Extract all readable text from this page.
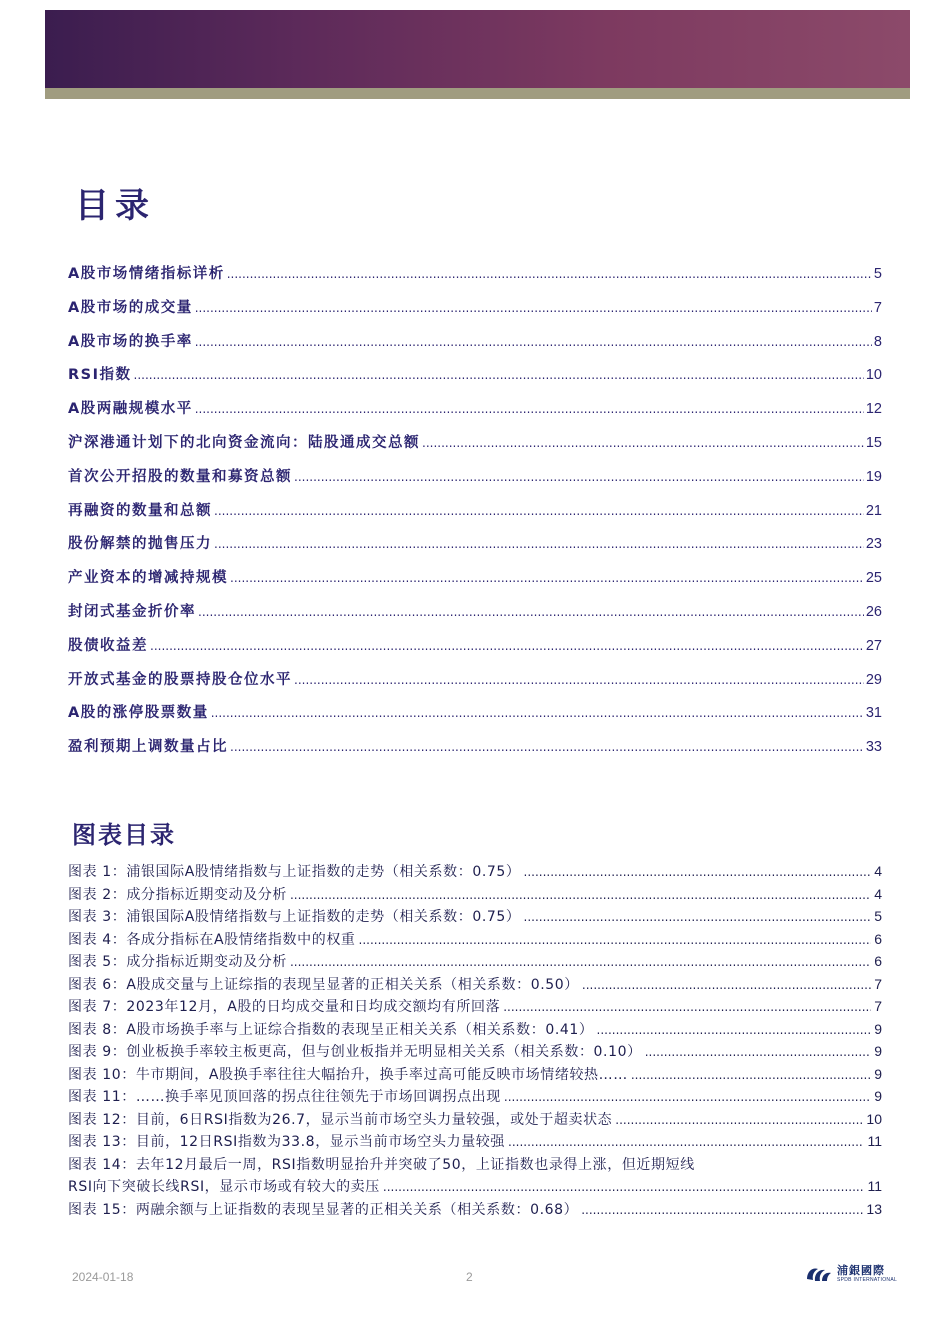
目录
A股市场情绪指标详析 .....	5
A股市场的成交量 .....	7
A股市场的换手率 .....	8
RSI指数 .....	10
A股两融规模水平 .....	12
沪深港通计划下的北向资金流向：陆股通成交总额 .....	15
首次公开招股的数量和募资总额 .....	19
再融资的数量和总额 .....	21
股份解禁的抛售压力 .....	23
产业资本的增减持规模 .....	25
封闭式基金折价率 .....	26
股债收益差 .....	27
开放式基金的股票持股仓位水平 .....	29
A股的涨停股票数量 .....	31
盈利预期上调数量占比 .....	33
图表目录
图表 1：浦银国际A股情绪指数与上证指数的走势（相关系数：0.75） .....	4
图表 2：成分指标近期变动及分析 .....	4
图表 3：浦银国际A股情绪指数与上证指数的走势（相关系数：0.75） .....	5
图表 4：各成分指标在A股情绪指数中的权重 .....	6
图表 5：成分指标近期变动及分析 .....	6
图表 6：A股成交量与上证综指的表现呈显著的正相关关系（相关系数：0.50） .....	7
图表 7：2023年12月，A股的日均成交量和日均成交额均有所回落 .....	7
图表 8：A股市场换手率与上证综合指数的表现呈正相关关系（相关系数：0.41） .....	9
图表 9：创业板换手率较主板更高，但与创业板指并无明显相关关系（相关系数：0.10） .....	9
图表 10：牛市期间，A股换手率往往大幅抬升，换手率过高可能反映市场情绪较热…… .....	9
图表 11：……换手率见顶回落的拐点往往领先于市场回调拐点出现 .....	9
图表 12：目前，6日RSI指数为26.7，显示当前市场空头力量较强，或处于超卖状态 .....	10
图表 13：目前，12日RSI指数为33.8，显示当前市场空头力量较强 .....	11
图表 14：去年12月最后一周，RSI指数明显抬升并突破了50，上证指数也录得上涨，但近期短线
RSI向下突破长线RSI，显示市场或有较大的卖压 .....	11
图表 15：两融余额与上证指数的表现呈显著的正相关关系（相关系数：0.68） .....	13
2024-01-18	2	浦銀國際
SPDB INTERNATIONAL
